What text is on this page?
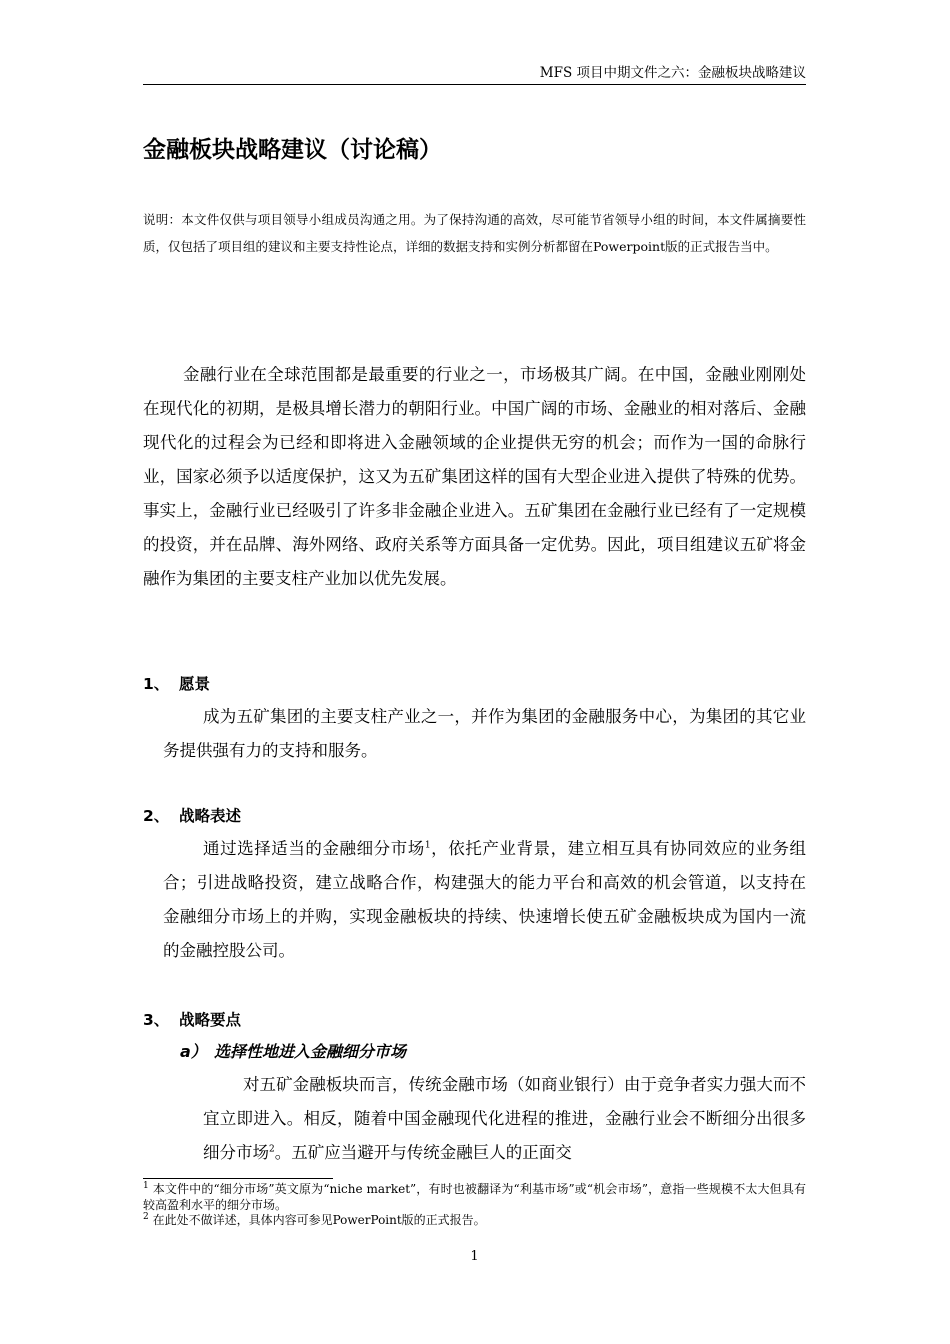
MFS 项目中期文件之六：金融板块战略建议
金融板块战略建议（讨论稿）
说明：本文件仅供与项目领导小组成员沟通之用。为了保持沟通的高效，尽可能节省领导小组的时间，本文件属摘要性质，仅包括了项目组的建议和主要支持性论点，详细的数据支持和实例分析都留在Powerpoint版的正式报告当中。
金融行业在全球范围都是最重要的行业之一，市场极其广阔。在中国，金融业刚刚处在现代化的初期，是极具增长潜力的朝阳行业。中国广阔的市场、金融业的相对落后、金融现代化的过程会为已经和即将进入金融领域的企业提供无穷的机会；而作为一国的命脉行业，国家必须予以适度保护，这又为五矿集团这样的国有大型企业进入提供了特殊的优势。事实上，金融行业已经吸引了许多非金融企业进入。五矿集团在金融行业已经有了一定规模的投资，并在品牌、海外网络、政府关系等方面具备一定优势。因此，项目组建议五矿将金融作为集团的主要支柱产业加以优先发展。
1、 愿景
成为五矿集团的主要支柱产业之一，并作为集团的金融服务中心，为集团的其它业务提供强有力的支持和服务。
2、 战略表述
通过选择适当的金融细分市场$^1$，依托产业背景，建立相互具有协同效应的业务组合；引进战略投资，建立战略合作，构建强大的能力平台和高效的机会管道，以支持在金融细分市场上的并购，实现金融板块的持续、快速增长使五矿金融板块成为国内一流的金融控股公司。
3、 战略要点
a） 选择性地进入金融细分市场
对五矿金融板块而言，传统金融市场（如商业银行）由于竞争者实力强大而不宜立即进入。相反，随着中国金融现代化进程的推进，金融行业会不断细分出很多细分市场$^2$。五矿应当避开与传统金融巨人的正面交
$^1$ 本文件中的“细分市场”英文原为“niche market”，有时也被翻译为“利基市场”或“机会市场”，意指一些规模不太大但具有较高盈利水平的细分市场。
$^2$ 在此处不做详述，具体内容可参见PowerPoint版的正式报告。
1
